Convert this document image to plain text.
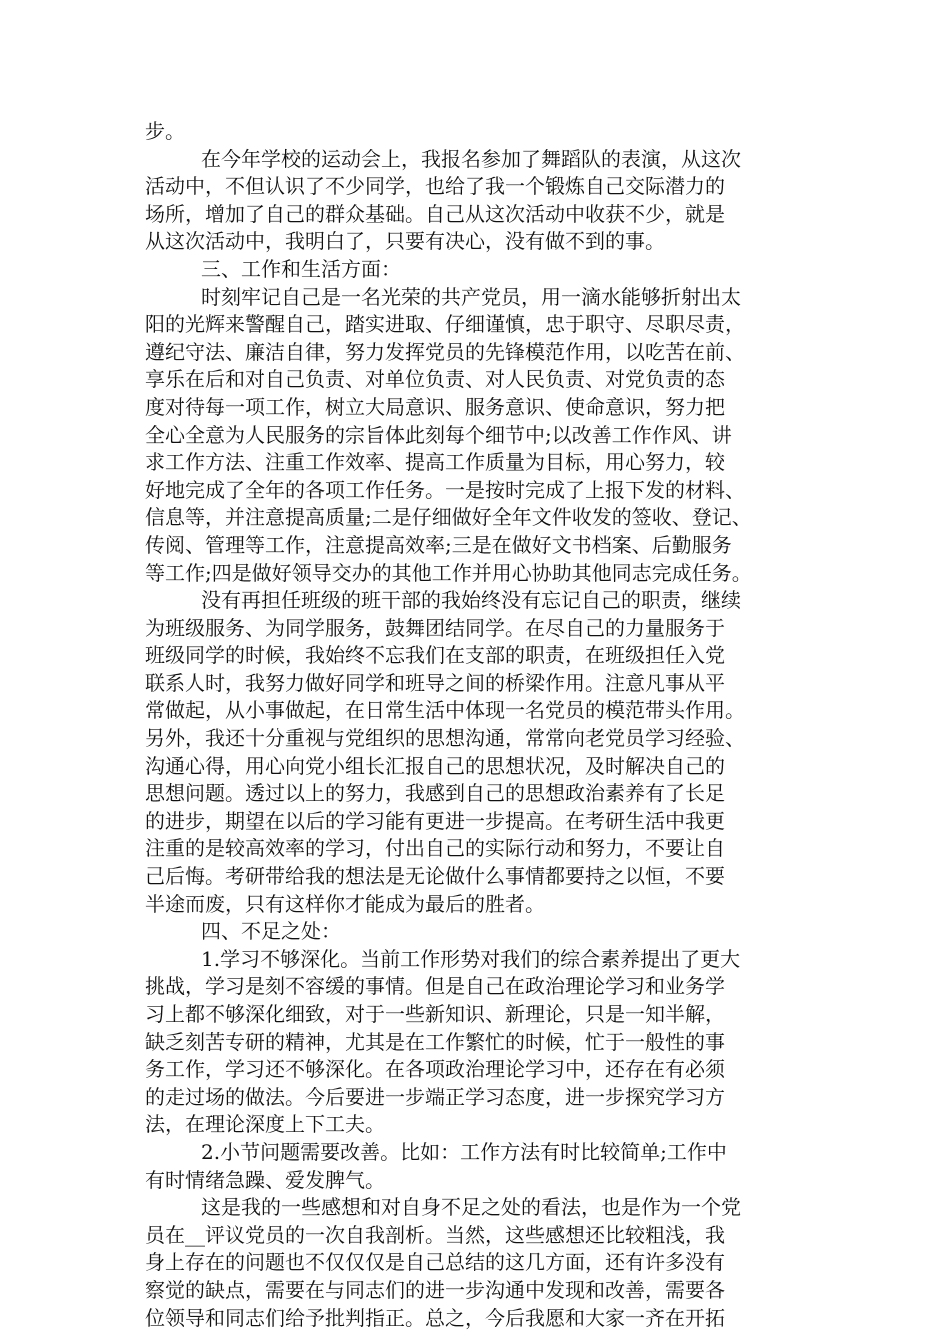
步。
在今年学校的运动会上，我报名参加了舞蹈队的表演，从这次
活动中，不但认识了不少同学，也给了我一个锻炼自己交际潜力的
场所，增加了自己的群众基础。自己从这次活动中收获不少，就是
从这次活动中，我明白了，只要有决心，没有做不到的事。
三、工作和生活方面：
时刻牢记自己是一名光荣的共产党员，用一滴水能够折射出太
阳的光辉来警醒自己，踏实进取、仔细谨慎，忠于职守、尽职尽责，
遵纪守法、廉洁自律，努力发挥党员的先锋模范作用，以吃苦在前、
享乐在后和对自己负责、对单位负责、对人民负责、对党负责的态
度对待每一项工作，树立大局意识、服务意识、使命意识，努力把
全心全意为人民服务的宗旨体此刻每个细节中;以改善工作作风、讲
求工作方法、注重工作效率、提高工作质量为目标，用心努力，较
好地完成了全年的各项工作任务。一是按时完成了上报下发的材料、
信息等，并注意提高质量;二是仔细做好全年文件收发的签收、登记、
传阅、管理等工作，注意提高效率;三是在做好文书档案、后勤服务
等工作;四是做好领导交办的其他工作并用心协助其他同志完成任务。
没有再担任班级的班干部的我始终没有忘记自己的职责，继续
为班级服务、为同学服务，鼓舞团结同学。在尽自己的力量服务于
班级同学的时候，我始终不忘我们在支部的职责，在班级担任入党
联系人时，我努力做好同学和班导之间的桥梁作用。注意凡事从平
常做起，从小事做起，在日常生活中体现一名党员的模范带头作用。
另外，我还十分重视与党组织的思想沟通，常常向老党员学习经验、
沟通心得，用心向党小组长汇报自己的思想状况，及时解决自己的
思想问题。透过以上的努力，我感到自己的思想政治素养有了长足
的进步，期望在以后的学习能有更进一步提高。在考研生活中我更
注重的是较高效率的学习，付出自己的实际行动和努力，不要让自
己后悔。考研带给我的想法是无论做什么事情都要持之以恒，不要
半途而废，只有这样你才能成为最后的胜者。
四、不足之处：
1.学习不够深化。当前工作形势对我们的综合素养提出了更大
挑战，学习是刻不容缓的事情。但是自己在政治理论学习和业务学
习上都不够深化细致，对于一些新知识、新理论，只是一知半解，
缺乏刻苦专研的精神，尤其是在工作繁忙的时候，忙于一般性的事
务工作，学习还不够深化。在各项政治理论学习中，还存在有必须
的走过场的做法。今后要进一步端正学习态度，进一步探究学习方
法，在理论深度上下工夫。
2.小节问题需要改善。比如：工作方法有时比较简单;工作中
有时情绪急躁、爱发脾气。
这是我的一些感想和对自身不足之处的看法，也是作为一个党
员在__评议党员的一次自我剖析。当然，这些感想还比较粗浅，我
身上存在的问题也不仅仅仅是自己总结的这几方面，还有许多没有
察觉的缺点，需要在与同志们的进一步沟通中发现和改善，需要各
位领导和同志们给予批判指正。总之，今后我愿和大家一齐在开拓
